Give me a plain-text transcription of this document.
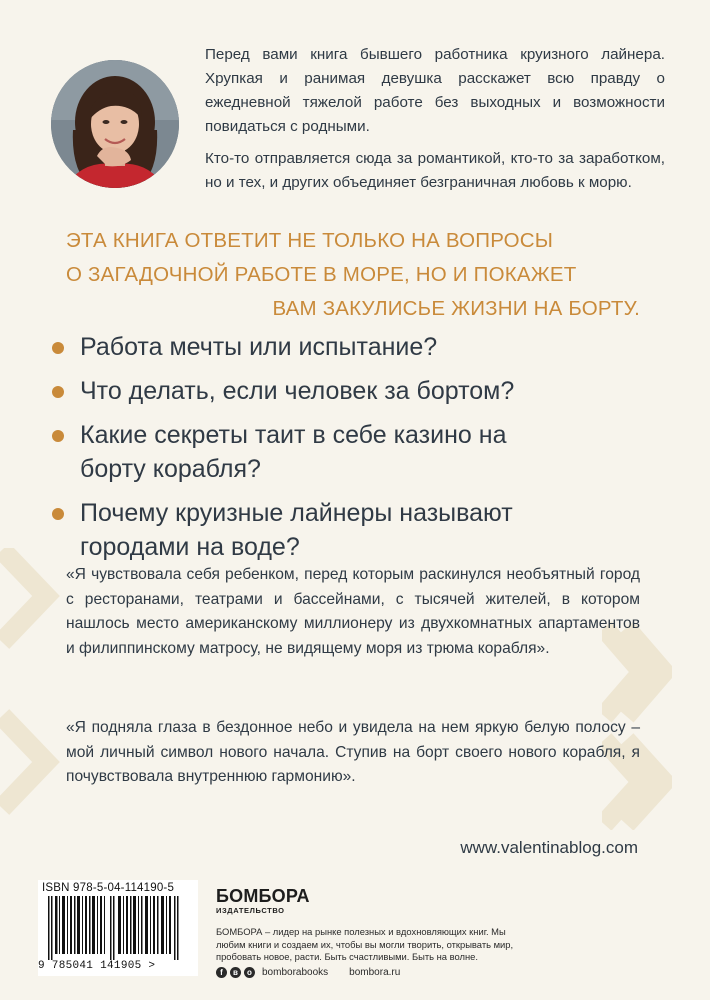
Перед вами книга бывшего работника круизного лайнера. Хрупкая и ранимая девушка расскажет всю правду о ежедневной тяжелой работе без выходных и возможности повидаться с родными.

Кто-то отправляется сюда за романтикой, кто-то за заработком, но и тех, и других объединяет безграничная любовь к морю.

ЭТА КНИГА ОТВЕТИТ НЕ ТОЛЬКО НА ВОПРОСЫ
О ЗАГАДОЧНОЙ РАБОТЕ В МОРЕ, НО И ПОКАЖЕТ
ВАМ ЗАКУЛИСЬЕ ЖИЗНИ НА БОРТУ.
Работа мечты или испытание?
Что делать, если человек за бортом?
Какие секреты таит в себе казино на борту корабля?
Почему круизные лайнеры называют городами на воде?
«Я чувствовала себя ребенком, перед которым раскинулся необъятный город с ресторанами, театрами и бассейнами, с тысячей жителей, в котором нашлось место американскому миллионеру из двухкомнатных апартаментов и филиппинскому матросу, не видящему моря из трюма корабля».
«Я подняла глаза в бездонное небо и увидела на нем яркую белую полосу – мой личный символ нового начала. Ступив на борт своего нового корабля, я почувствовала внутреннюю гармонию».
www.valentinablog.com
ISBN 978-5-04-114190-5
9 785041 141905 >
БОМБОРА
ИЗДАТЕЛЬСТВО
БОМБОРА – лидер на рынке полезных и вдохновляющих книг. Мы любим книги и создаем их, чтобы вы могли творить, открывать мир, пробовать новое, расти. Быть счастливыми. Быть на волне.
f	в	o	bomborabooks bombora.ru
